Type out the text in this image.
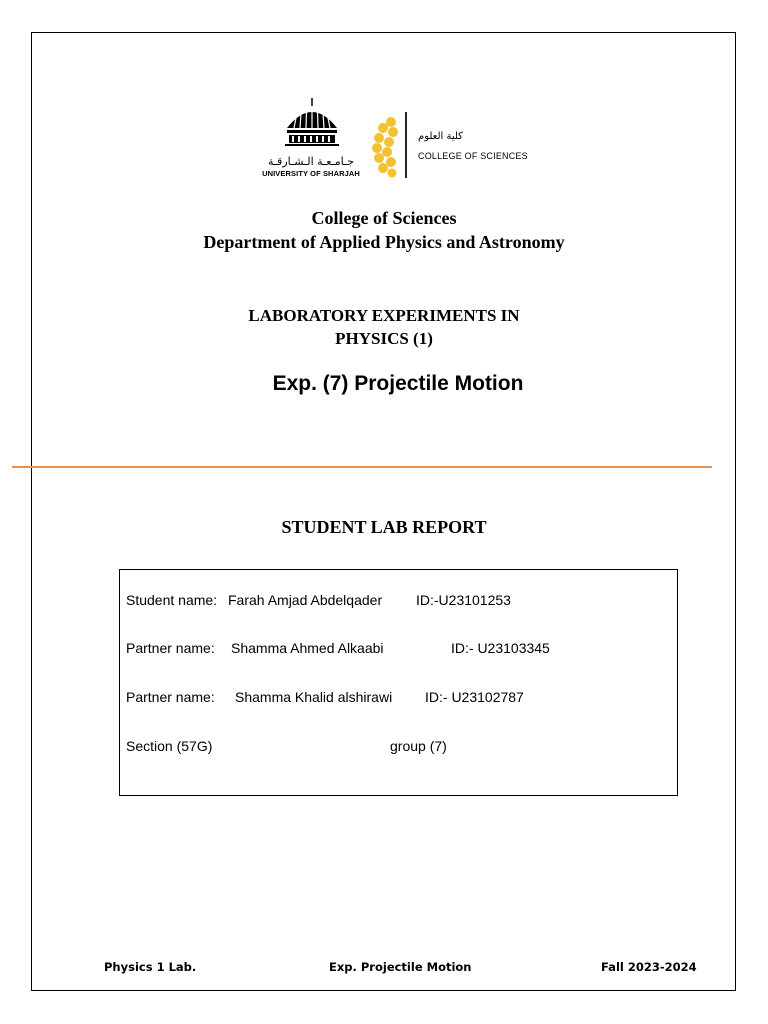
جـامـعـة الـشـارقـة
UNIVERSITY OF SHARJAH
كلية العلوم
COLLEGE OF SCIENCES
College of Sciences
Department of Applied Physics and Astronomy
LABORATORY EXPERIMENTS IN
PHYSICS (1)
Exp. (7) Projectile Motion
STUDENT LAB REPORT
Student name: Farah Amjad Abdelqader ID:-U23101253
Partner name: Shamma Ahmed Alkaabi	ID:- U23103345
Partner name: Shamma Khalid alshirawi ID:- U23102787
Section (57G)	group (7)
Physics 1 Lab.	Exp. Projectile Motion	Fall 2023-2024
